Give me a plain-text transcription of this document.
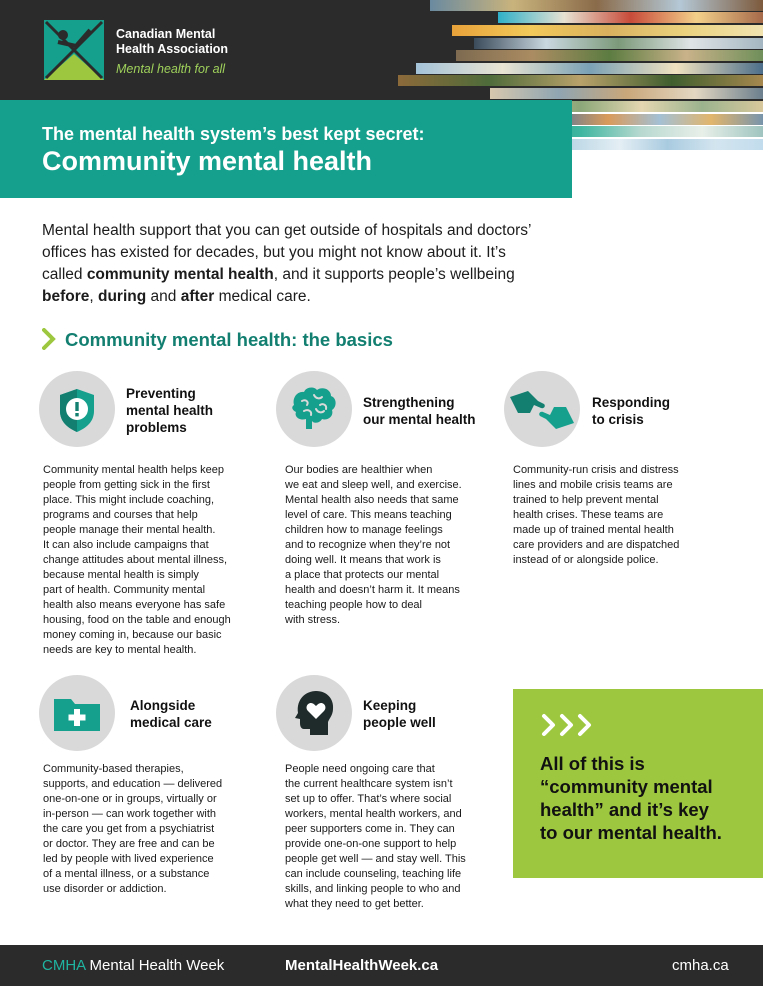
Canadian Mental
Health Association
Mental health for all
The mental health system’s best kept secret:
Community mental health

Mental health support that you can get outside of hospitals and doctors’ offices has existed for decades, but you might not know about it. It’s called community mental health, and it supports people’s wellbeing before, during and after medical care.

Community mental health: the basics
Preventing
mental health
problems
Community mental health helps keep
people from getting sick in the first
place. This might include coaching,
programs and courses that help
people manage their mental health.
It can also include campaigns that
change attitudes about mental illness,
because mental health is simply
part of health. Community mental
health also means everyone has safe
housing, food on the table and enough
money coming in, because our basic
needs are key to mental health.
Strengthening
our mental health
Our bodies are healthier when
we eat and sleep well, and exercise.
Mental health also needs that same
level of care. This means teaching
children how to manage feelings
and to recognize when they’re not
doing well. It means that work is
a place that protects our mental
health and doesn’t harm it. It means
teaching people how to deal
with stress.
Responding
to crisis
Community-run crisis and distress
lines and mobile crisis teams are
trained to help prevent mental
health crises. These teams are
made up of trained mental health
care providers and are dispatched
instead of or alongside police.
Alongside
medical care
Community-based therapies,
supports, and education — delivered
one-on-one or in groups, virtually or
in-person — can work together with
the care you get from a psychiatrist
or doctor. They are free and can be
led by people with lived experience
of a mental illness, or a substance
use disorder or addiction.
Keeping
people well
People need ongoing care that
the current healthcare system isn’t
set up to offer. That’s where social
workers, mental health workers, and
peer supporters come in. They can
provide one-on-one support to help
people get well — and stay well. This
can include counseling, teaching life
skills, and linking people to who and
what they need to get better.
All of this is
“community mental
health” and it’s key
to our mental health.
CMHA Mental Health Week	MentalHealthWeek.ca	cmha.ca
